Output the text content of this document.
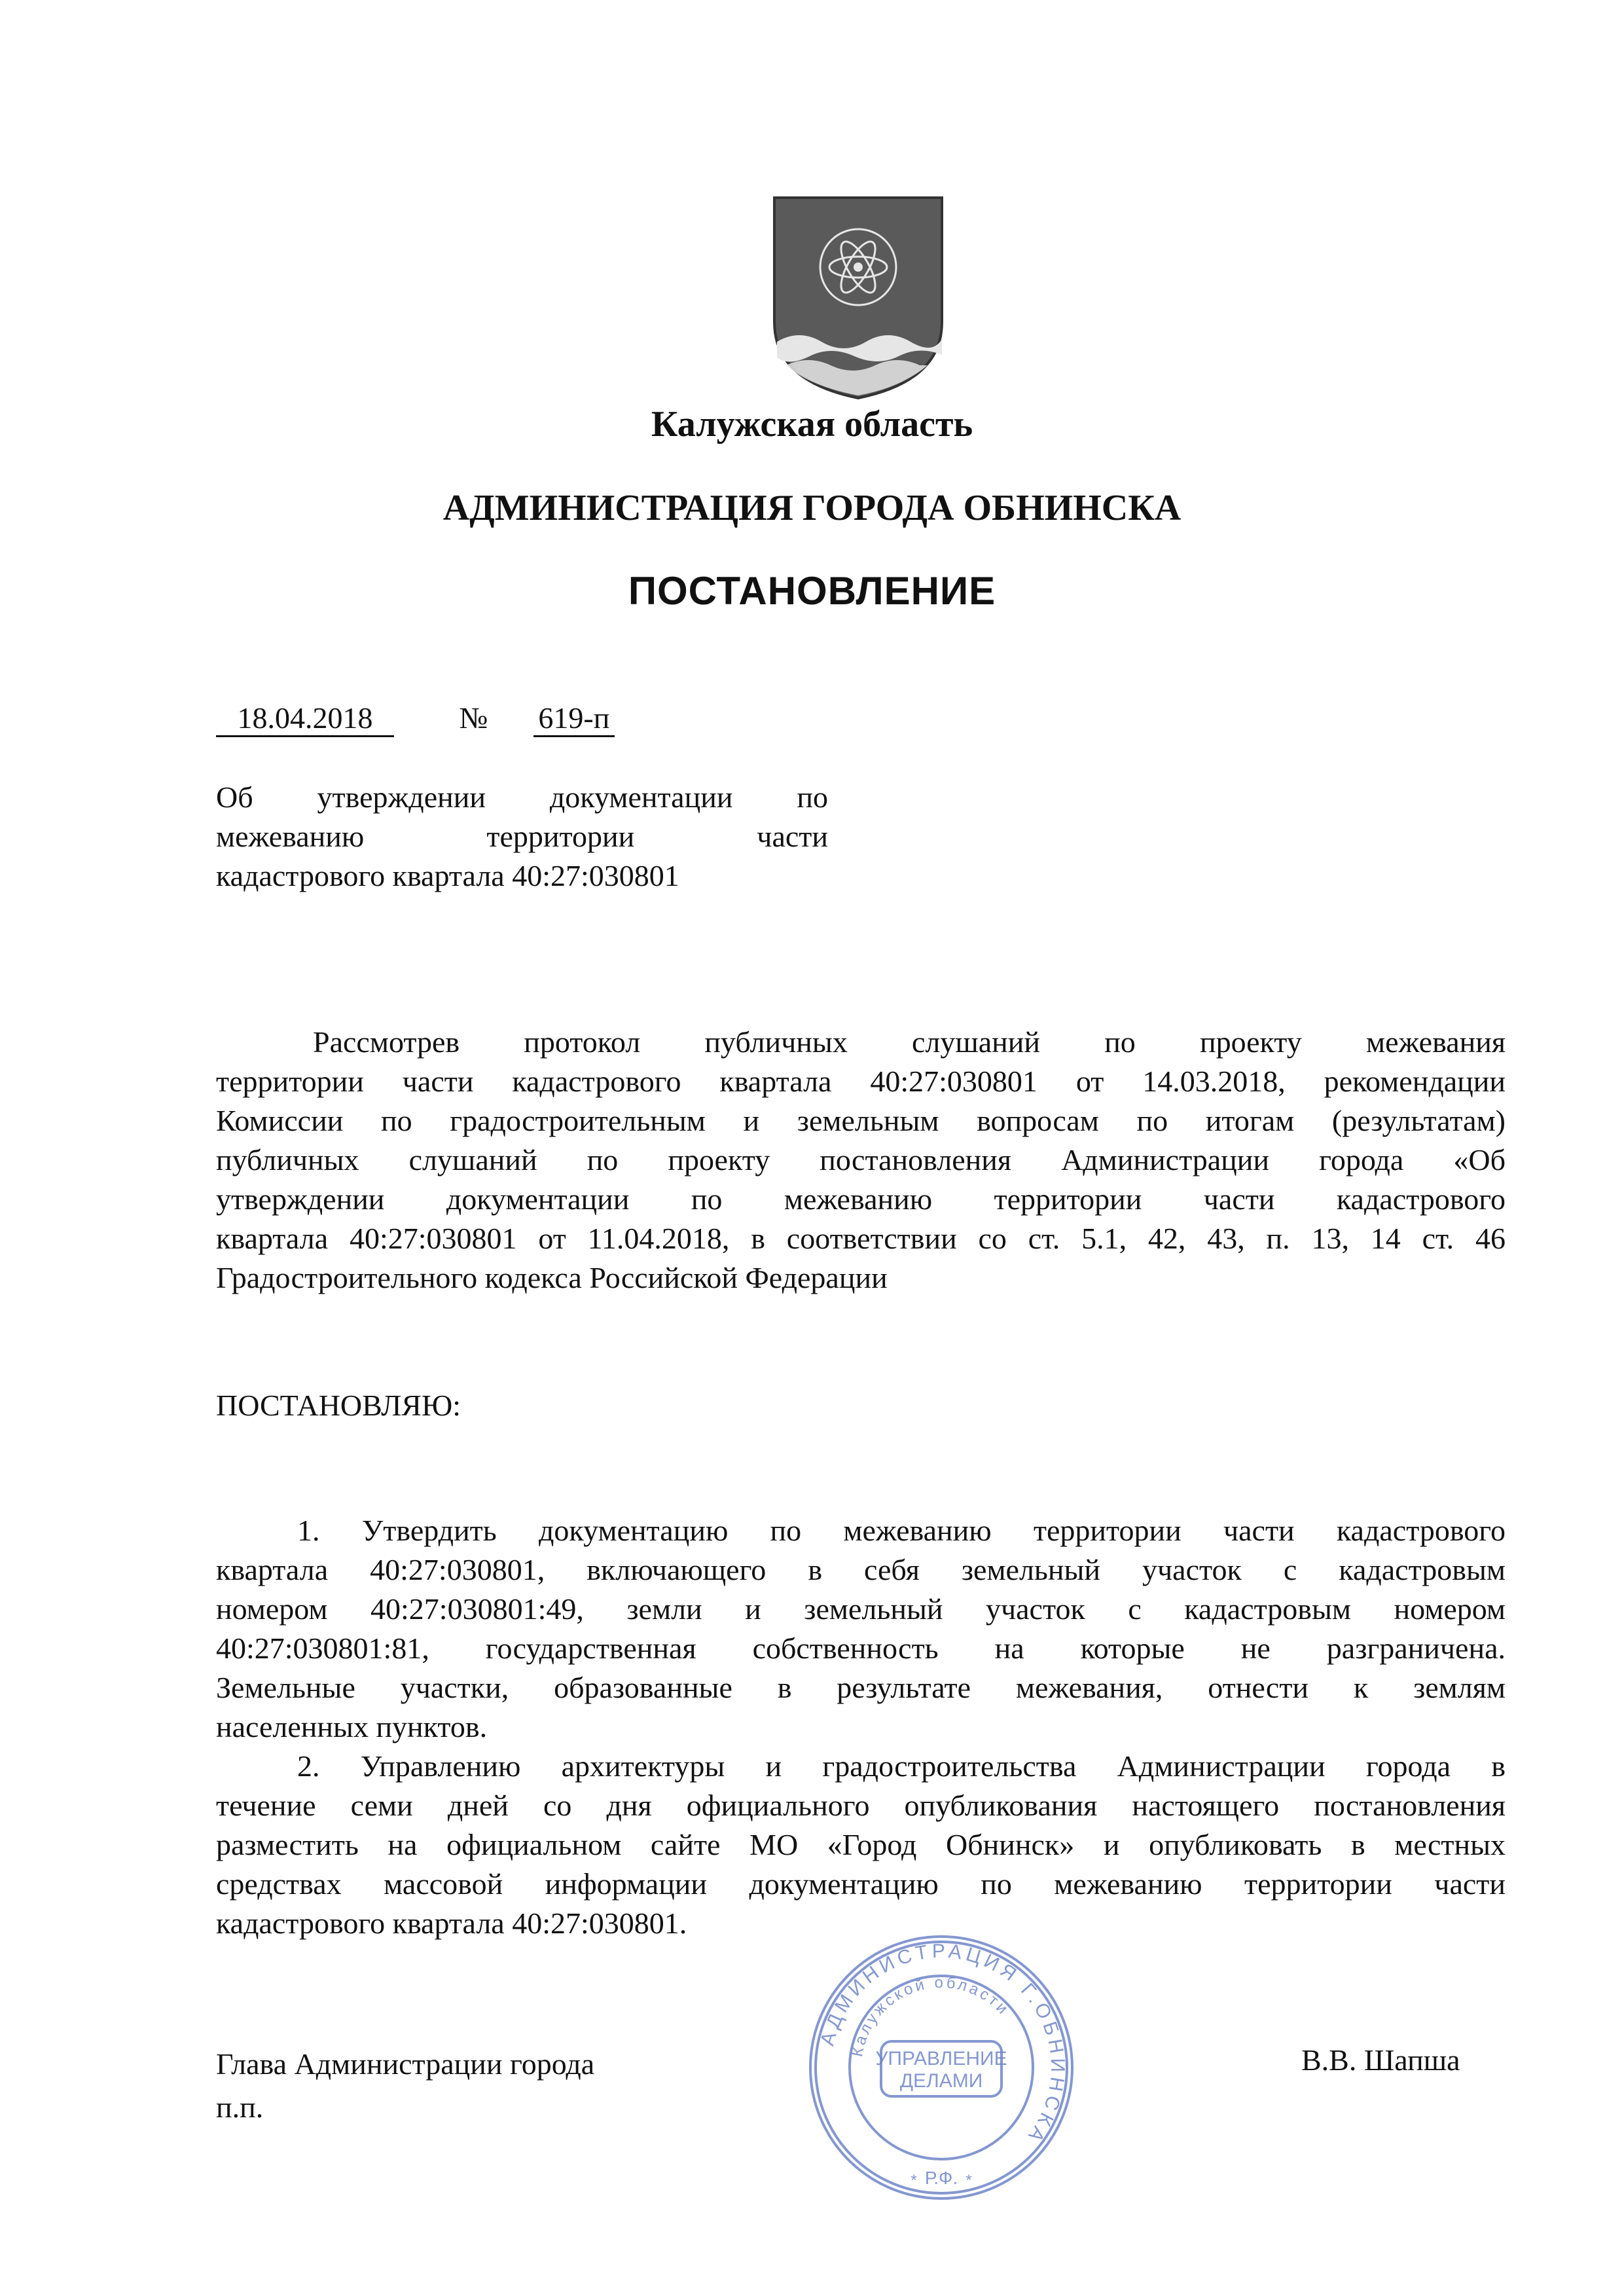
Калужская область
АДМИНИСТРАЦИЯ ГОРОДА ОБНИНСКА
ПОСТАНОВЛЕНИЕ
18.04.2018	№ 619-п
Об утверждении документации по
межеванию территории части
кадастрового квартала 40:27:030801
Рассмотрев протокол публичных слушаний по проекту межевания
территории части кадастрового квартала 40:27:030801 от 14.03.2018, рекомендации
Комиссии по градостроительным и земельным вопросам по итогам (результатам)
публичных слушаний по проекту постановления Администрации города «Об
утверждении документации по межеванию территории части кадастрового
квартала 40:27:030801 от 11.04.2018, в соответствии со ст. 5.1, 42, 43, п. 13, 14 ст. 46
Градостроительного кодекса Российской Федерации
ПОСТАНОВЛЯЮ:
1. Утвердить документацию по межеванию территории части кадастрового
квартала 40:27:030801, включающего в себя земельный участок с кадастровым
номером 40:27:030801:49, земли и земельный участок с кадастровым номером
40:27:030801:81, государственная собственность на которые не разграничена.
Земельные участки, образованные в результате межевания, отнести к землям
населенных пунктов.
2. Управлению архитектуры и градостроительства Администрации города в
течение семи дней со дня официального опубликования настоящего постановления
разместить на официальном сайте МО «Город Обнинск» и опубликовать в местных
средствах массовой информации документацию по межеванию территории части
кадастрового квартала 40:27:030801.
Глава Администрации города
п.п.
В.В. Шапша
АДМИНИСТРАЦИЯ Г.ОБНИНСКА
Калужской области
УПРАВЛЕНИЕ
ДЕЛАМИ
Р.Ф.
*	*
